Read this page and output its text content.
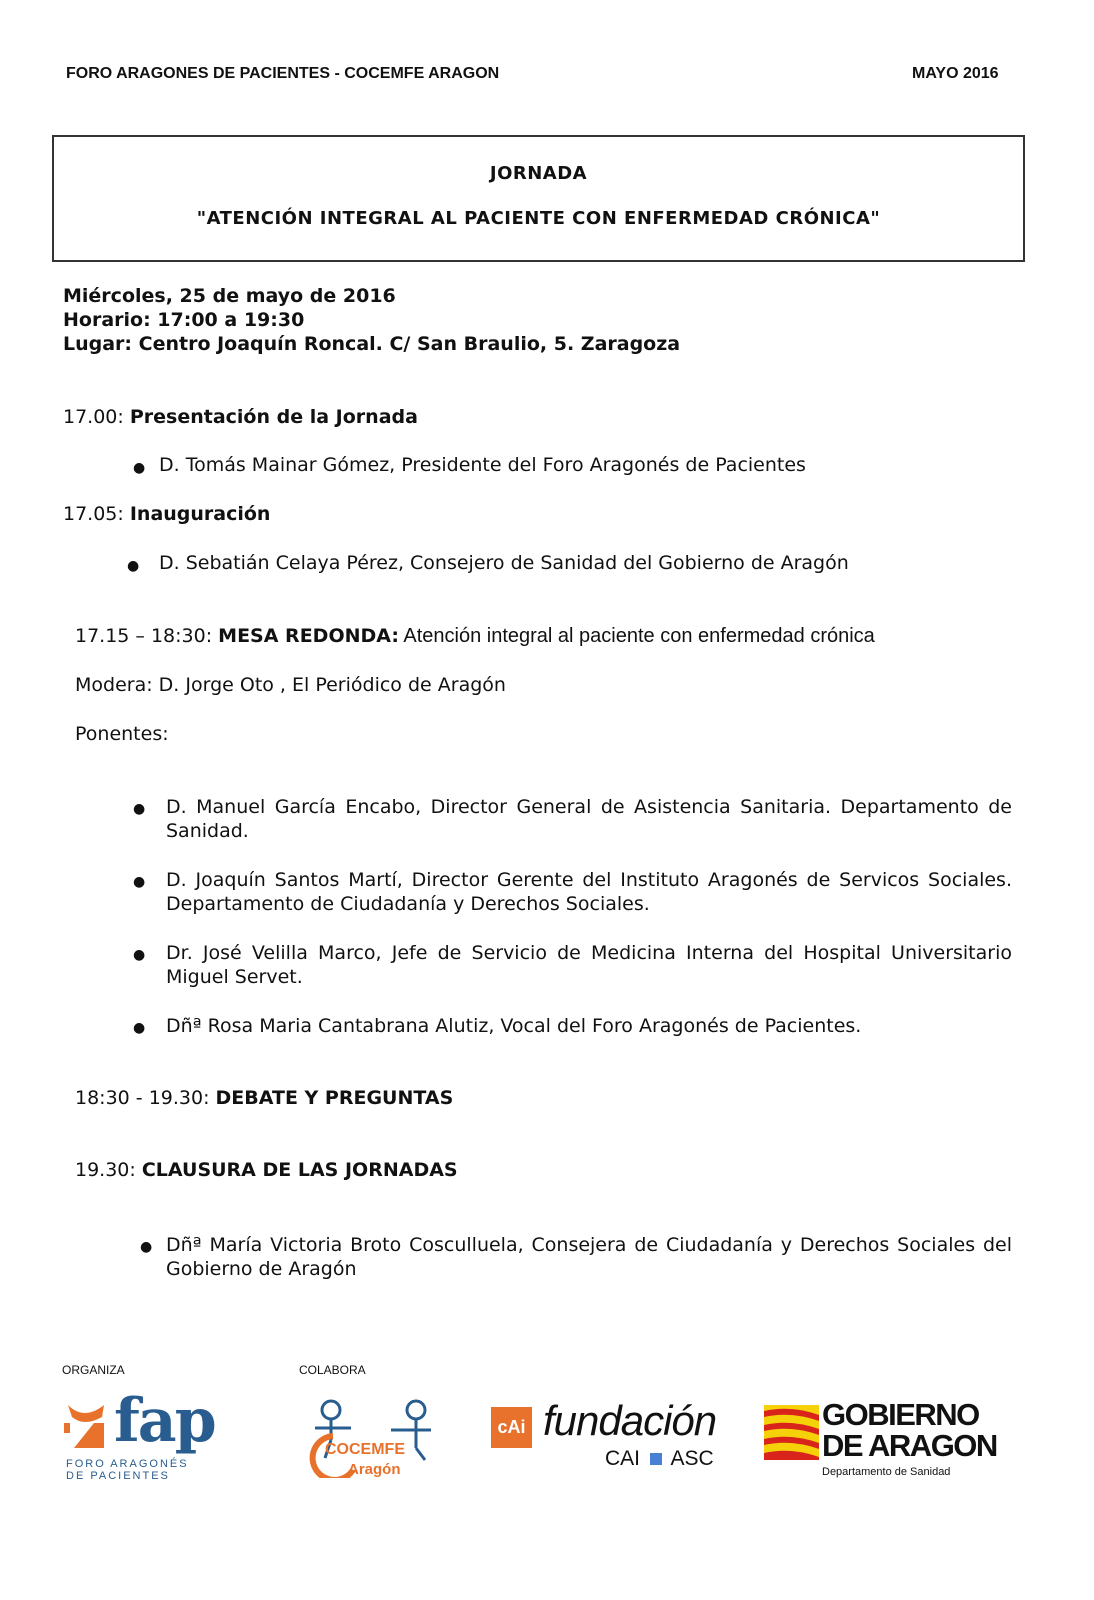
FORO ARAGONES DE PACIENTES - COCEMFE ARAGON	MAYO 2016
JORNADA
"ATENCIÓN INTEGRAL AL PACIENTE CON ENFERMEDAD CRÓNICA"
Miércoles, 25 de mayo de 2016
Horario: 17:00 a 19:30
Lugar: Centro Joaquín Roncal. C/ San Braulio, 5. Zaragoza
17.00: Presentación de la Jornada
● D. Tomás Mainar Gómez, Presidente del Foro Aragonés de Pacientes
17.05: Inauguración
● D. Sebatián Celaya Pérez, Consejero de Sanidad del Gobierno de Aragón
17.15 – 18:30: MESA REDONDA: Atención integral al paciente con enfermedad crónica
Modera: D. Jorge Oto , El Periódico de Aragón
Ponentes:
● D. Manuel García Encabo, Director General de Asistencia Sanitaria. Departamento de Sanidad.
● D. Joaquín Santos Martí, Director Gerente del Instituto Aragonés de Servicos Sociales. Departamento de Ciudadanía y Derechos Sociales.
● Dr. José Velilla Marco, Jefe de Servicio de Medicina Interna del Hospital Universitario Miguel Servet.
● Dñª Rosa Maria Cantabrana Alutiz, Vocal del Foro Aragonés de Pacientes.
18:30 - 19.30: DEBATE Y PREGUNTAS
19.30: CLAUSURA DE LAS JORNADAS
● Dñª María Victoria Broto Cosculluela, Consejera de Ciudadanía y Derechos Sociales del Gobierno de Aragón
ORGANIZA	COLABORA
fap
FORO ARAGONÉS
DE PACIENTES
COCEMFE
Aragón
cAi fundación
CAI ASC
GOBIERNO
DE ARAGON
Departamento de Sanidad
